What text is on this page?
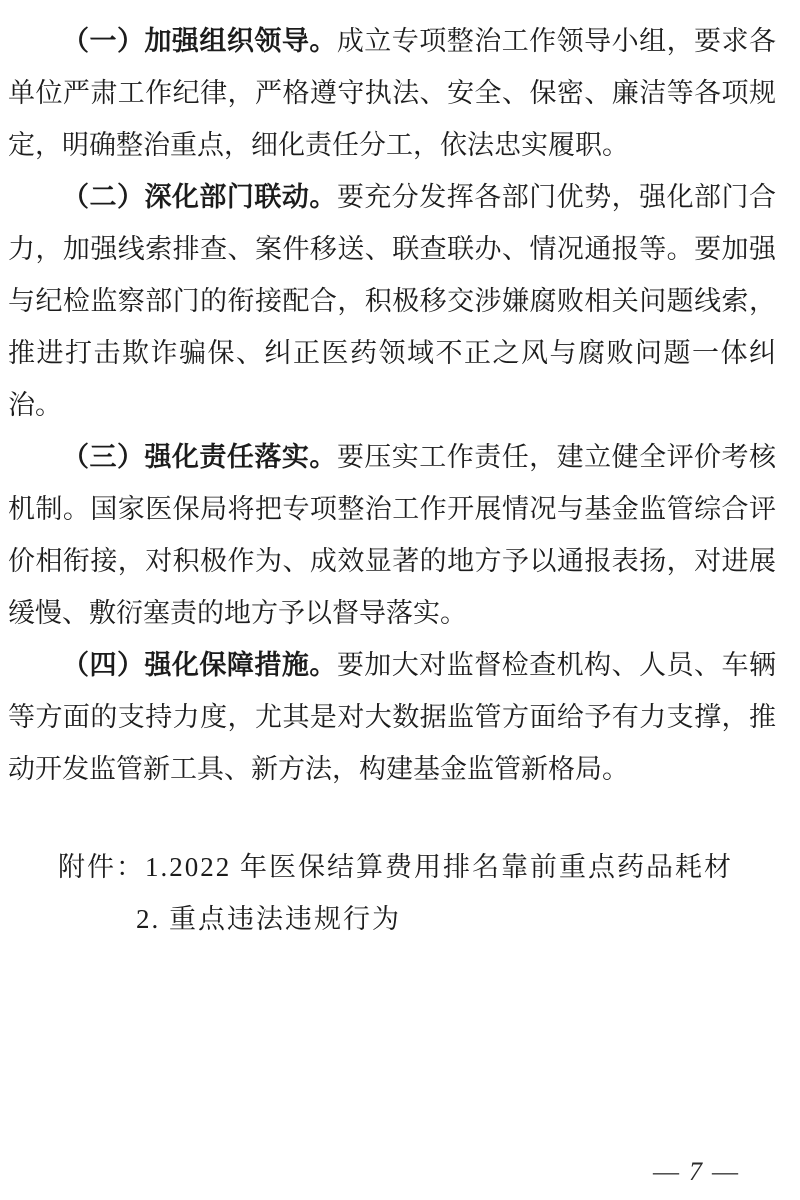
（一）加强组织领导。成立专项整治工作领导小组，要求各单位严肃工作纪律，严格遵守执法、安全、保密、廉洁等各项规定，明确整治重点，细化责任分工，依法忠实履职。

（二）深化部门联动。要充分发挥各部门优势，强化部门合力，加强线索排查、案件移送、联查联办、情况通报等。要加强与纪检监察部门的衔接配合，积极移交涉嫌腐败相关问题线索，推进打击欺诈骗保、纠正医药领域不正之风与腐败问题一体纠治。

（三）强化责任落实。要压实工作责任，建立健全评价考核机制。国家医保局将把专项整治工作开展情况与基金监管综合评价相衔接，对积极作为、成效显著的地方予以通报表扬，对进展缓慢、敷衍塞责的地方予以督导落实。

（四）强化保障措施。要加大对监督检查机构、人员、车辆等方面的支持力度，尤其是对大数据监管方面给予有力支撑，推动开发监管新工具、新方法，构建基金监管新格局。

附件：1.2022 年医保结算费用排名靠前重点药品耗材
2. 重点违法违规行为
— 7 —
